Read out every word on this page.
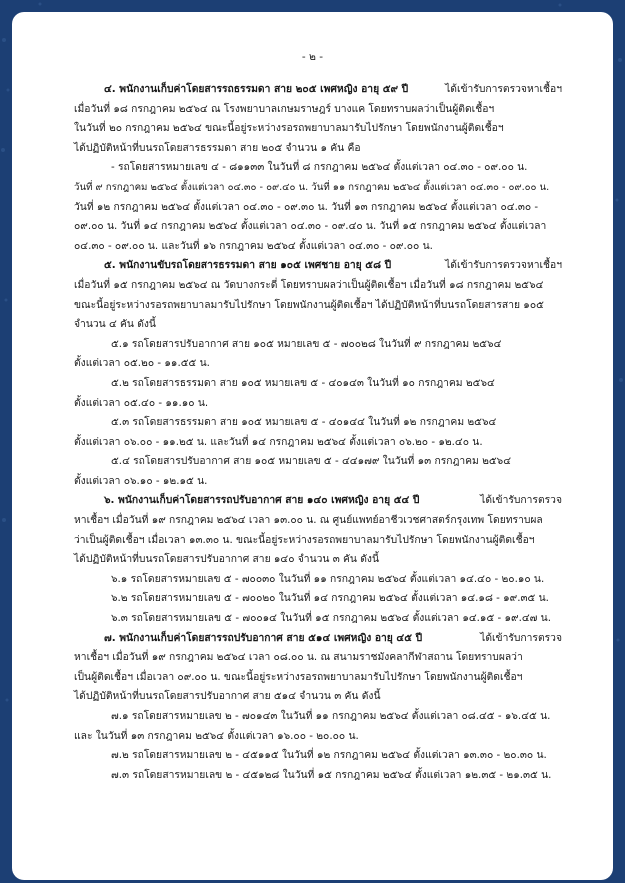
- ๒ -

๔. พนักงานเก็บค่าโดยสารรถธรรมดา สาย ๒๐๕ เพศหญิง อายุ ๕๙ ปี	ได้เข้ารับการตรวจหาเชื้อฯ

เมื่อวันที่ ๑๘ กรกฎาคม ๒๕๖๔ ณ โรงพยาบาลเกษมราษฎร์ บางแค โดยทราบผลว่าเป็นผู้ติดเชื้อฯ

ในวันที่ ๒๐ กรกฎาคม ๒๕๖๔ ขณะนี้อยู่ระหว่างรอรถพยาบาลมารับไปรักษา โดยพนักงานผู้ติดเชื้อฯ

ได้ปฏิบัติหน้าที่บนรถโดยสารธรรมดา สาย ๒๐๕ จำนวน ๑ คัน คือ

- รถโดยสารหมายเลข ๔ - ๘๑๑๓๓ ในวันที่ ๘ กรกฎาคม ๒๕๖๔ ตั้งแต่เวลา ๐๔.๓๐ - ๐๙.๐๐ น.

วันที่ ๙ กรกฎาคม ๒๕๖๔ ตั้งแต่เวลา ๐๔.๓๐ - ๐๙.๔๐ น. วันที่ ๑๑ กรกฎาคม ๒๕๖๔ ตั้งแต่เวลา ๐๔.๓๐ - ๐๙.๐๐ น.

วันที่ ๑๒ กรกฎาคม ๒๕๖๔ ตั้งแต่เวลา ๐๔.๓๐ - ๐๙.๓๐ น. วันที่ ๑๓ กรกฎาคม ๒๕๖๔ ตั้งแต่เวลา ๐๔.๓๐ -

๐๙.๐๐ น. วันที่ ๑๔ กรกฎาคม ๒๕๖๔ ตั้งแต่เวลา ๐๔.๓๐ - ๐๙.๔๐ น. วันที่ ๑๕ กรกฎาคม ๒๕๖๔ ตั้งแต่เวลา

๐๔.๓๐ - ๐๙.๐๐ น. และวันที่ ๑๖ กรกฎาคม ๒๕๖๔ ตั้งแต่เวลา ๐๔.๓๐ - ๐๙.๐๐ น.

๕. พนักงานขับรถโดยสารธรรมดา สาย ๑๐๕ เพศชาย อายุ ๕๘ ปี	ได้เข้ารับการตรวจหาเชื้อฯ

เมื่อวันที่ ๑๕ กรกฎาคม ๒๕๖๔ ณ วัดบางกระดี่ โดยทราบผลว่าเป็นผู้ติดเชื้อฯ เมื่อวันที่ ๑๘ กรกฎาคม ๒๕๖๔

ขณะนี้อยู่ระหว่างรอรถพยาบาลมารับไปรักษา โดยพนักงานผู้ติดเชื้อฯ ได้ปฏิบัติหน้าที่บนรถโดยสารสาย ๑๐๕

จำนวน ๔ คัน ดังนี้

๕.๑ รถโดยสารปรับอากาศ สาย ๑๐๕ หมายเลข ๕ - ๗๐๐๒๘ ในวันที่ ๙ กรกฎาคม ๒๕๖๔

ตั้งแต่เวลา ๐๕.๒๐ - ๑๑.๕๕ น.

๕.๒ รถโดยสารธรรมดา สาย ๑๐๕ หมายเลข ๕ - ๔๐๑๔๓ ในวันที่ ๑๐ กรกฎาคม ๒๕๖๔

ตั้งแต่เวลา ๐๕.๔๐ - ๑๑.๑๐ น.

๕.๓ รถโดยสารธรรมดา สาย ๑๐๕ หมายเลข ๕ - ๔๐๑๔๔ ในวันที่ ๑๒ กรกฎาคม ๒๕๖๔

ตั้งแต่เวลา ๐๖.๐๐ - ๑๑.๒๕ น. และวันที่ ๑๔ กรกฎาคม ๒๕๖๔ ตั้งแต่เวลา ๐๖.๒๐ - ๑๒.๔๐ น.

๕.๔ รถโดยสารปรับอากาศ สาย ๑๐๕ หมายเลข ๕ - ๔๔๑๗๙ ในวันที่ ๑๓ กรกฎาคม ๒๕๖๔

ตั้งแต่เวลา ๐๖.๑๐ - ๑๒.๑๕ น.

๖. พนักงานเก็บค่าโดยสารรถปรับอากาศ สาย ๑๔๐ เพศหญิง อายุ ๕๔ ปี	ได้เข้ารับการตรวจ

หาเชื้อฯ เมื่อวันที่ ๑๙ กรกฎาคม ๒๕๖๔ เวลา ๑๓.๐๐ น. ณ ศูนย์แพทย์อาชีวเวชศาสตร์กรุงเทพ โดยทราบผล

ว่าเป็นผู้ติดเชื้อฯ เมื่อเวลา ๑๓.๓๐ น. ขณะนี้อยู่ระหว่างรอรถพยาบาลมารับไปรักษา โดยพนักงานผู้ติดเชื้อฯ

ได้ปฏิบัติหน้าที่บนรถโดยสารปรับอากาศ สาย ๑๔๐ จำนวน ๓ คัน ดังนี้

๖.๑ รถโดยสารหมายเลข ๕ - ๗๐๐๓๐ ในวันที่ ๑๑ กรกฎาคม ๒๕๖๔ ตั้งแต่เวลา ๑๔.๔๐ - ๒๐.๑๐ น.

๖.๒ รถโดยสารหมายเลข ๕ - ๗๐๐๒๐ ในวันที่ ๑๔ กรกฎาคม ๒๕๖๔ ตั้งแต่เวลา ๑๔.๑๘ - ๑๙.๓๕ น.

๖.๓ รถโดยสารหมายเลข ๕ - ๗๐๐๑๔ ในวันที่ ๑๕ กรกฎาคม ๒๕๖๔ ตั้งแต่เวลา ๑๔.๑๕ - ๑๙.๔๗ น.

๗. พนักงานเก็บค่าโดยสารรถปรับอากาศ สาย ๕๑๔ เพศหญิง อายุ ๔๕ ปี	ได้เข้ารับการตรวจ

หาเชื้อฯ เมื่อวันที่ ๑๙ กรกฎาคม ๒๕๖๔ เวลา ๐๘.๐๐ น. ณ สนามราชมังคลากีฬาสถาน โดยทราบผลว่า

เป็นผู้ติดเชื้อฯ เมื่อเวลา ๐๙.๐๐ น. ขณะนี้อยู่ระหว่างรอรถพยาบาลมารับไปรักษา โดยพนักงานผู้ติดเชื้อฯ

ได้ปฏิบัติหน้าที่บนรถโดยสารปรับอากาศ สาย ๕๑๔ จำนวน ๓ คัน ดังนี้

๗.๑ รถโดยสารหมายเลข ๒ - ๗๐๑๔๓ ในวันที่ ๑๑ กรกฎาคม ๒๕๖๔ ตั้งแต่เวลา ๐๘.๔๕ - ๑๖.๔๕ น.

และ ในวันที่ ๑๓ กรกฎาคม ๒๕๖๔ ตั้งแต่เวลา ๑๖.๐๐ - ๒๐.๐๐ น.

๗.๒ รถโดยสารหมายเลข ๒ - ๔๕๑๑๕ ในวันที่ ๑๒ กรกฎาคม ๒๕๖๔ ตั้งแต่เวลา ๑๓.๓๐ - ๒๐.๓๐ น.

๗.๓ รถโดยสารหมายเลข ๒ - ๔๕๑๒๘ ในวันที่ ๑๕ กรกฎาคม ๒๕๖๔ ตั้งแต่เวลา ๑๒.๓๕ - ๒๑.๓๕ น.
